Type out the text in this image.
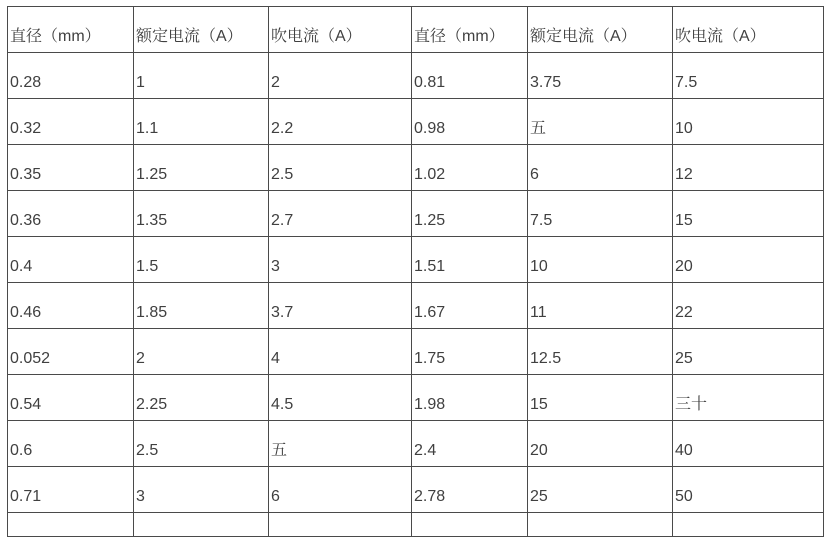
直径（mm）	额定电流（A）	吹电流（A）	直径（mm）	额定电流（A）	吹电流（A）
0.28	1	2	0.81	3.75	7.5
0.32	1.1	2.2	0.98	五	10
0.35	1.25	2.5	1.02	6	12
0.36	1.35	2.7	1.25	7.5	15
0.4	1.5	3	1.51	10	20
0.46	1.85	3.7	1.67	11	22
0.052	2	4	1.75	12.5	25
0.54	2.25	4.5	1.98	15	三十
0.6	2.5	五	2.4	20	40
0.71	3	6	2.78	25	50
